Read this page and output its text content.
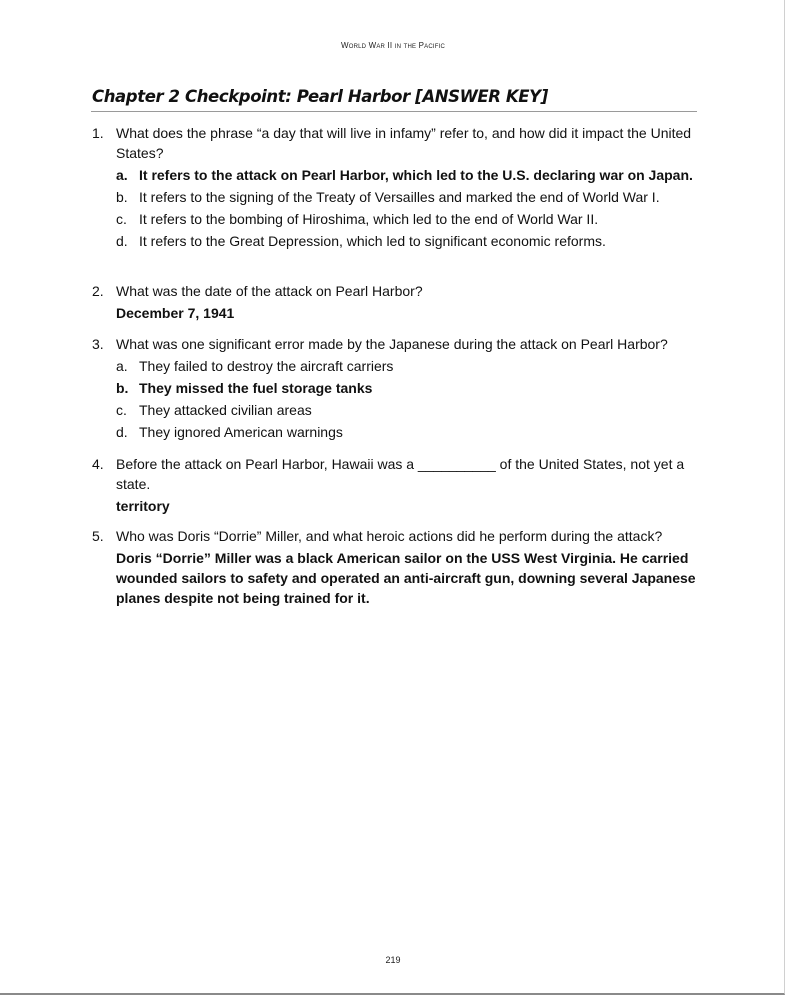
World War II in the Pacific
Chapter 2 Checkpoint: Pearl Harbor [ANSWER KEY]
1. What does the phrase “a day that will live in infamy” refer to, and how did it impact the United States?
a. It refers to the attack on Pearl Harbor, which led to the U.S. declaring war on Japan.
b. It refers to the signing of the Treaty of Versailles and marked the end of World War I.
c. It refers to the bombing of Hiroshima, which led to the end of World War II.
d. It refers to the Great Depression, which led to significant economic reforms.
2. What was the date of the attack on Pearl Harbor?
December 7, 1941
3. What was one significant error made by the Japanese during the attack on Pearl Harbor?
a. They failed to destroy the aircraft carriers
b. They missed the fuel storage tanks
c. They attacked civilian areas
d. They ignored American warnings
4. Before the attack on Pearl Harbor, Hawaii was a __________ of the United States, not yet a state.
territory
5. Who was Doris “Dorrie” Miller, and what heroic actions did he perform during the attack?
Doris “Dorrie” Miller was a black American sailor on the USS West Virginia. He carried wounded sailors to safety and operated an anti-aircraft gun, downing several Japanese planes despite not being trained for it.
219
